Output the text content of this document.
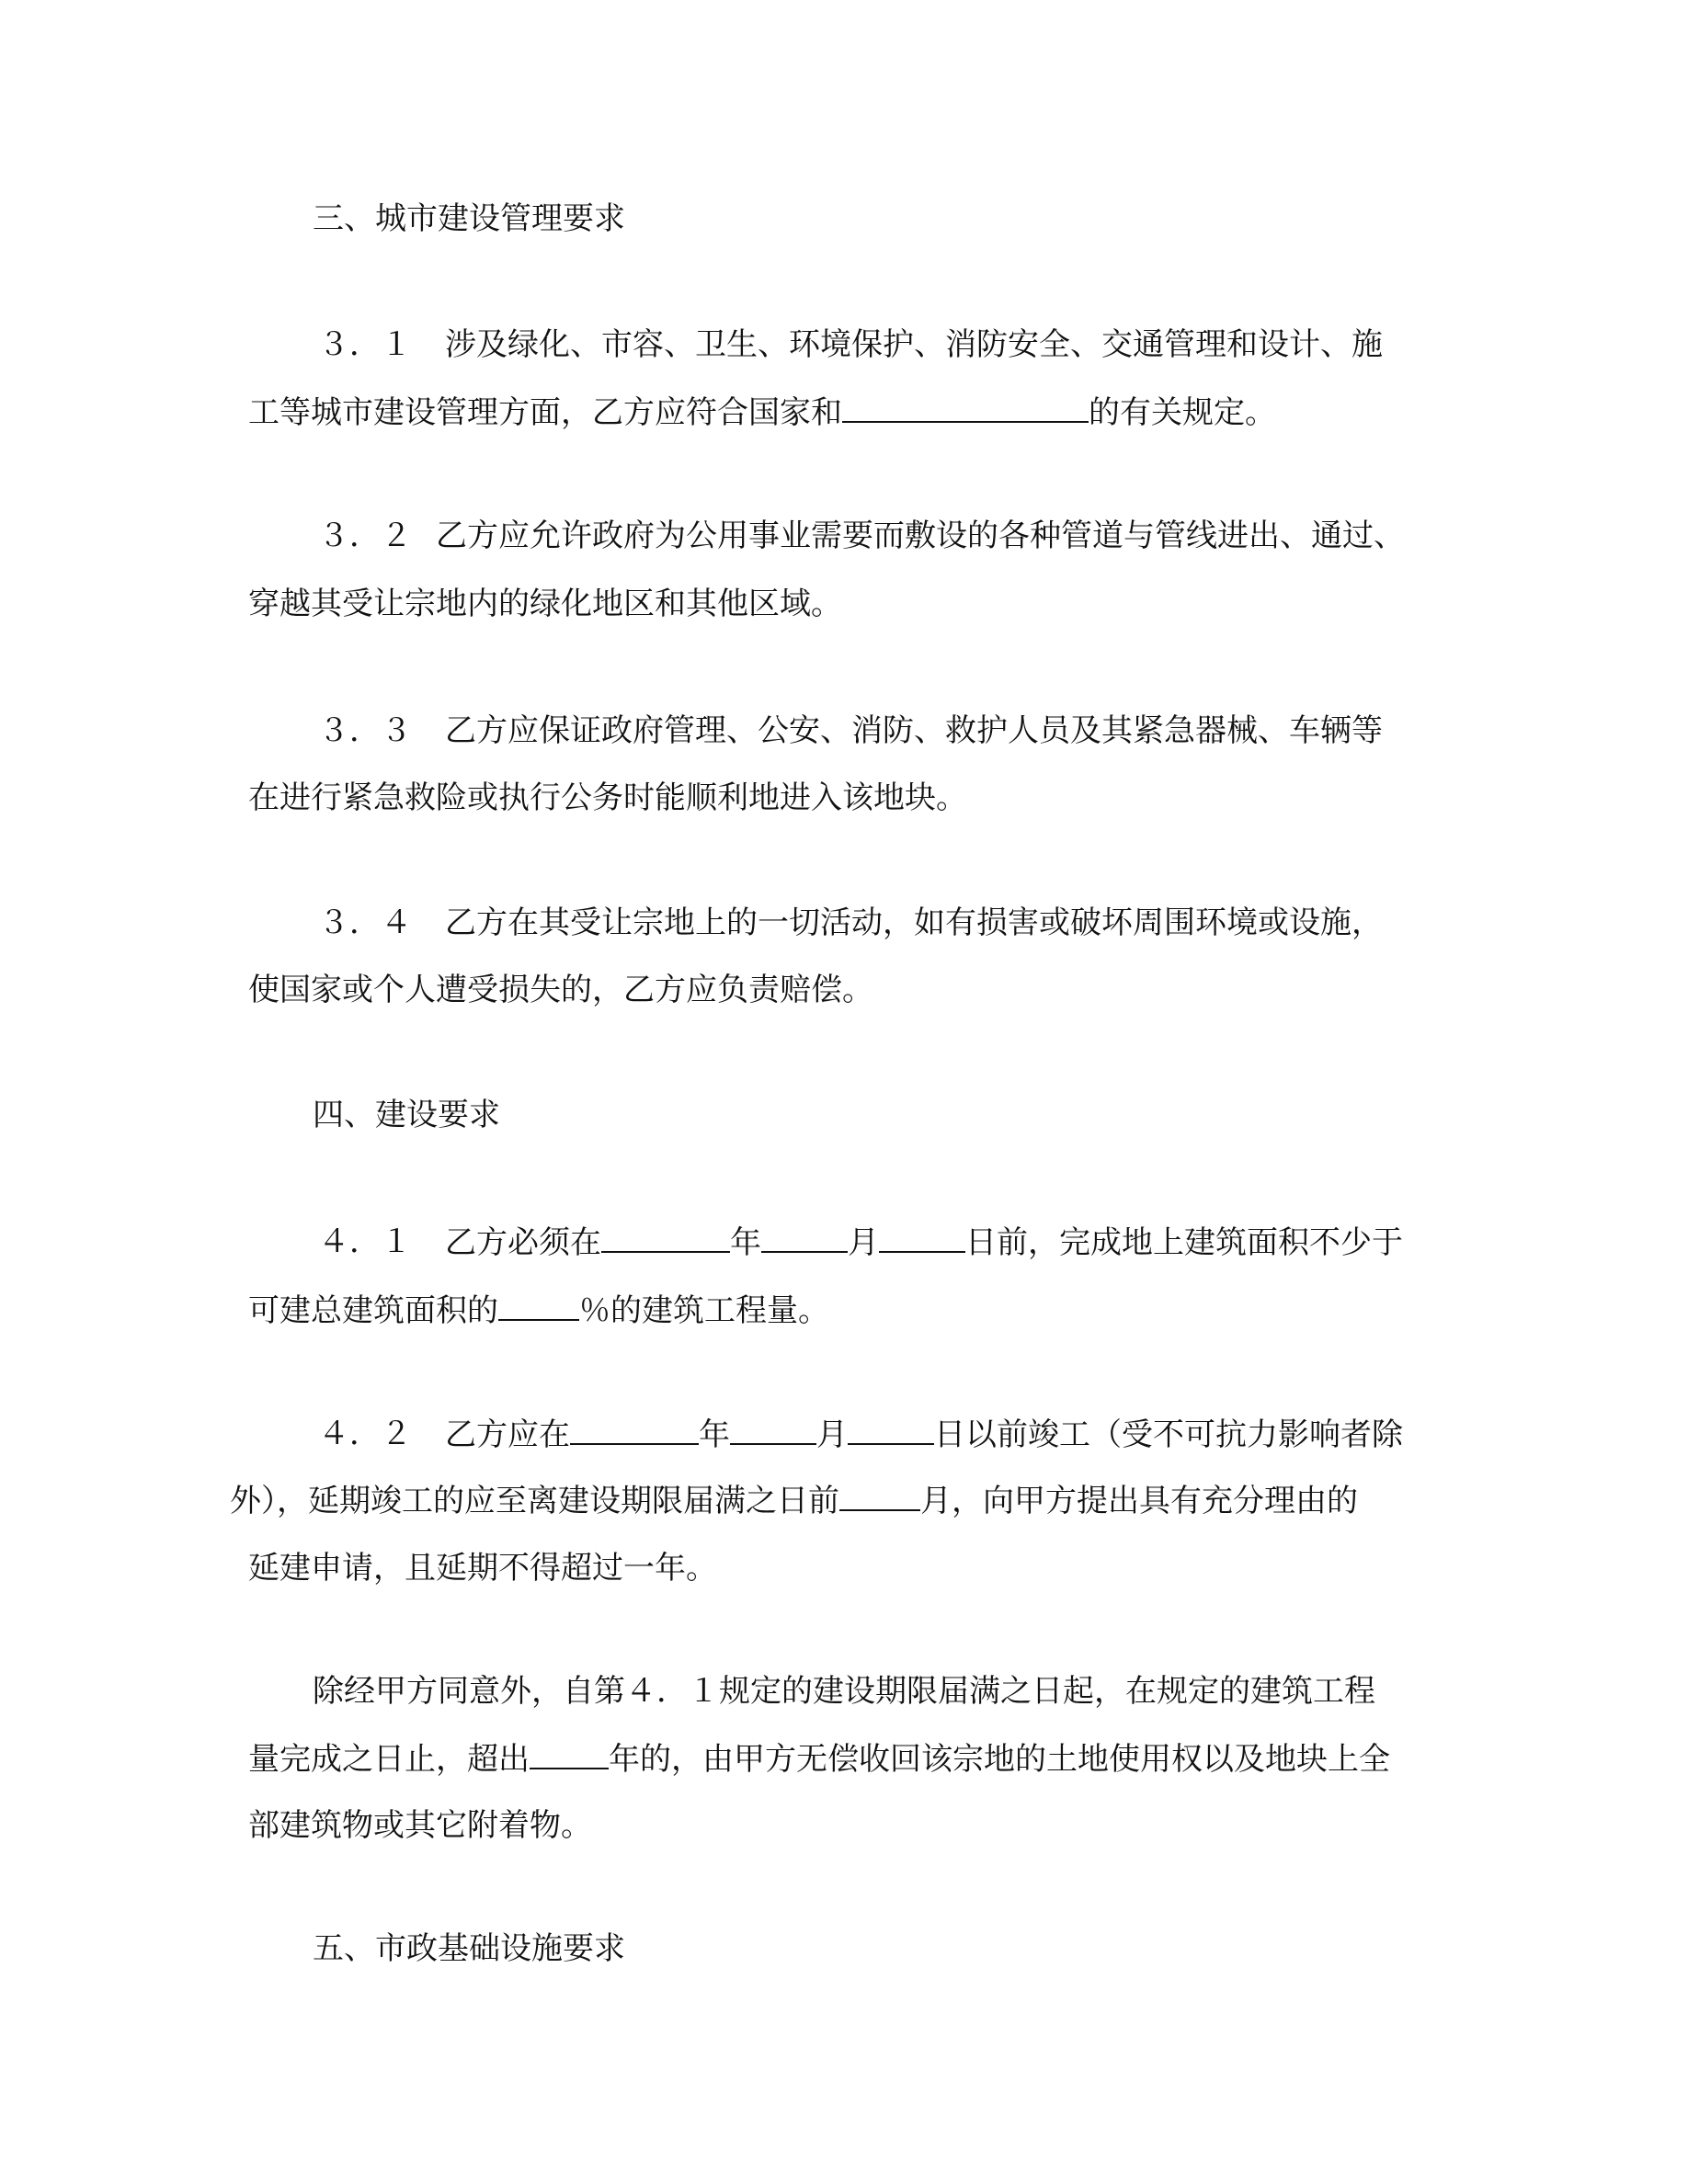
三、城市建设管理要求

３．１ 涉及绿化、市容、卫生、环境保护、消防安全、交通管理和设计、施

工等城市建设管理方面，乙方应符合国家和	的有关规定。

３．２ 乙方应允许政府为公用事业需要而敷设的各种管道与管线进出、通过、

穿越其受让宗地内的绿化地区和其他区域。

３．３ 乙方应保证政府管理、公安、消防、救护人员及其紧急器械、车辆等

在进行紧急救险或执行公务时能顺利地进入该地块。

３．４ 乙方在其受让宗地上的一切活动，如有损害或破坏周围环境或设施，

使国家或个人遭受损失的，乙方应负责赔偿。

四、建设要求

４．１ 乙方必须在	年	月	日前，完成地上建筑面积不少于

可建总建筑面积的	％的建筑工程量。

４．２ 乙方应在	年	月	日以前竣工（受不可抗力影响者除

外），延期竣工的应至离建设期限届满之日前	月，向甲方提出具有充分理由的

延建申请，且延期不得超过一年。

除经甲方同意外，自第４．１规定的建设期限届满之日起，在规定的建筑工程

量完成之日止，超出	年的，由甲方无偿收回该宗地的土地使用权以及地块上全

部建筑物或其它附着物。

五、市政基础设施要求
